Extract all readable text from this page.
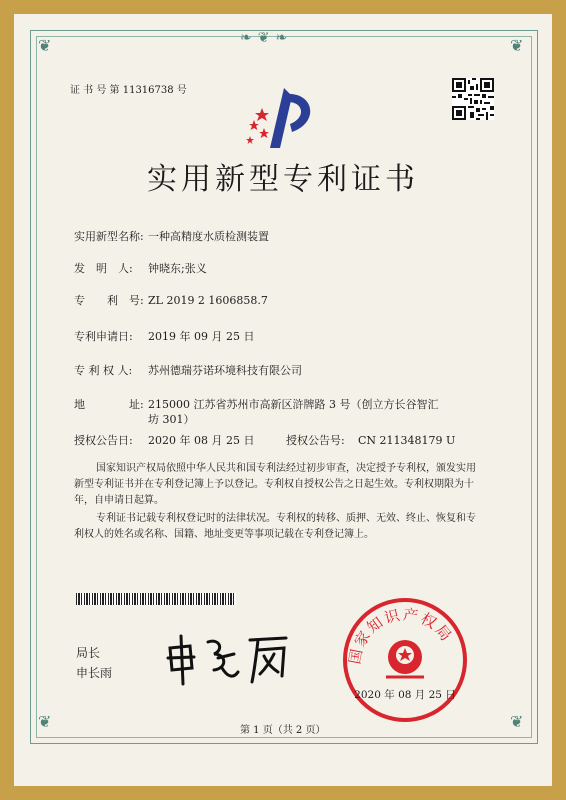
❦	❦
❦	❦
❧❦❧
证 书 号 第 11316738 号
实用新型专利证书
实用新型名称: 一种高精度水质检测装置
发　明　人: 钟晓东;张义
专　　利　号: ZL 2019 2 1606858.7
专利申请日: 2019 年 09 月 25 日
专 利 权 人: 苏州德瑞芬诺环境科技有限公司
地　　　　址: 215000 江苏省苏州市高新区浒牌路 3 号（创立方长谷智汇
坊 301）
授权公告日: 2020 年 08 月 25 日	授权公告号: CN 211348179 U
国家知识产权局依照中华人民共和国专利法经过初步审查，决定授予专利权，颁发实用
新型专利证书并在专利登记簿上予以登记。专利权自授权公告之日起生效。专利权期限为十
年，自申请日起算。
专利证书记载专利权登记时的法律状况。专利权的转移、质押、无效、终止、恢复和专
利权人的姓名或名称、国籍、地址变更等事项记载在专利登记簿上。
局长
申长雨
国家知识产权局
2020 年 08 月 25 日
第 1 页（共 2 页）
